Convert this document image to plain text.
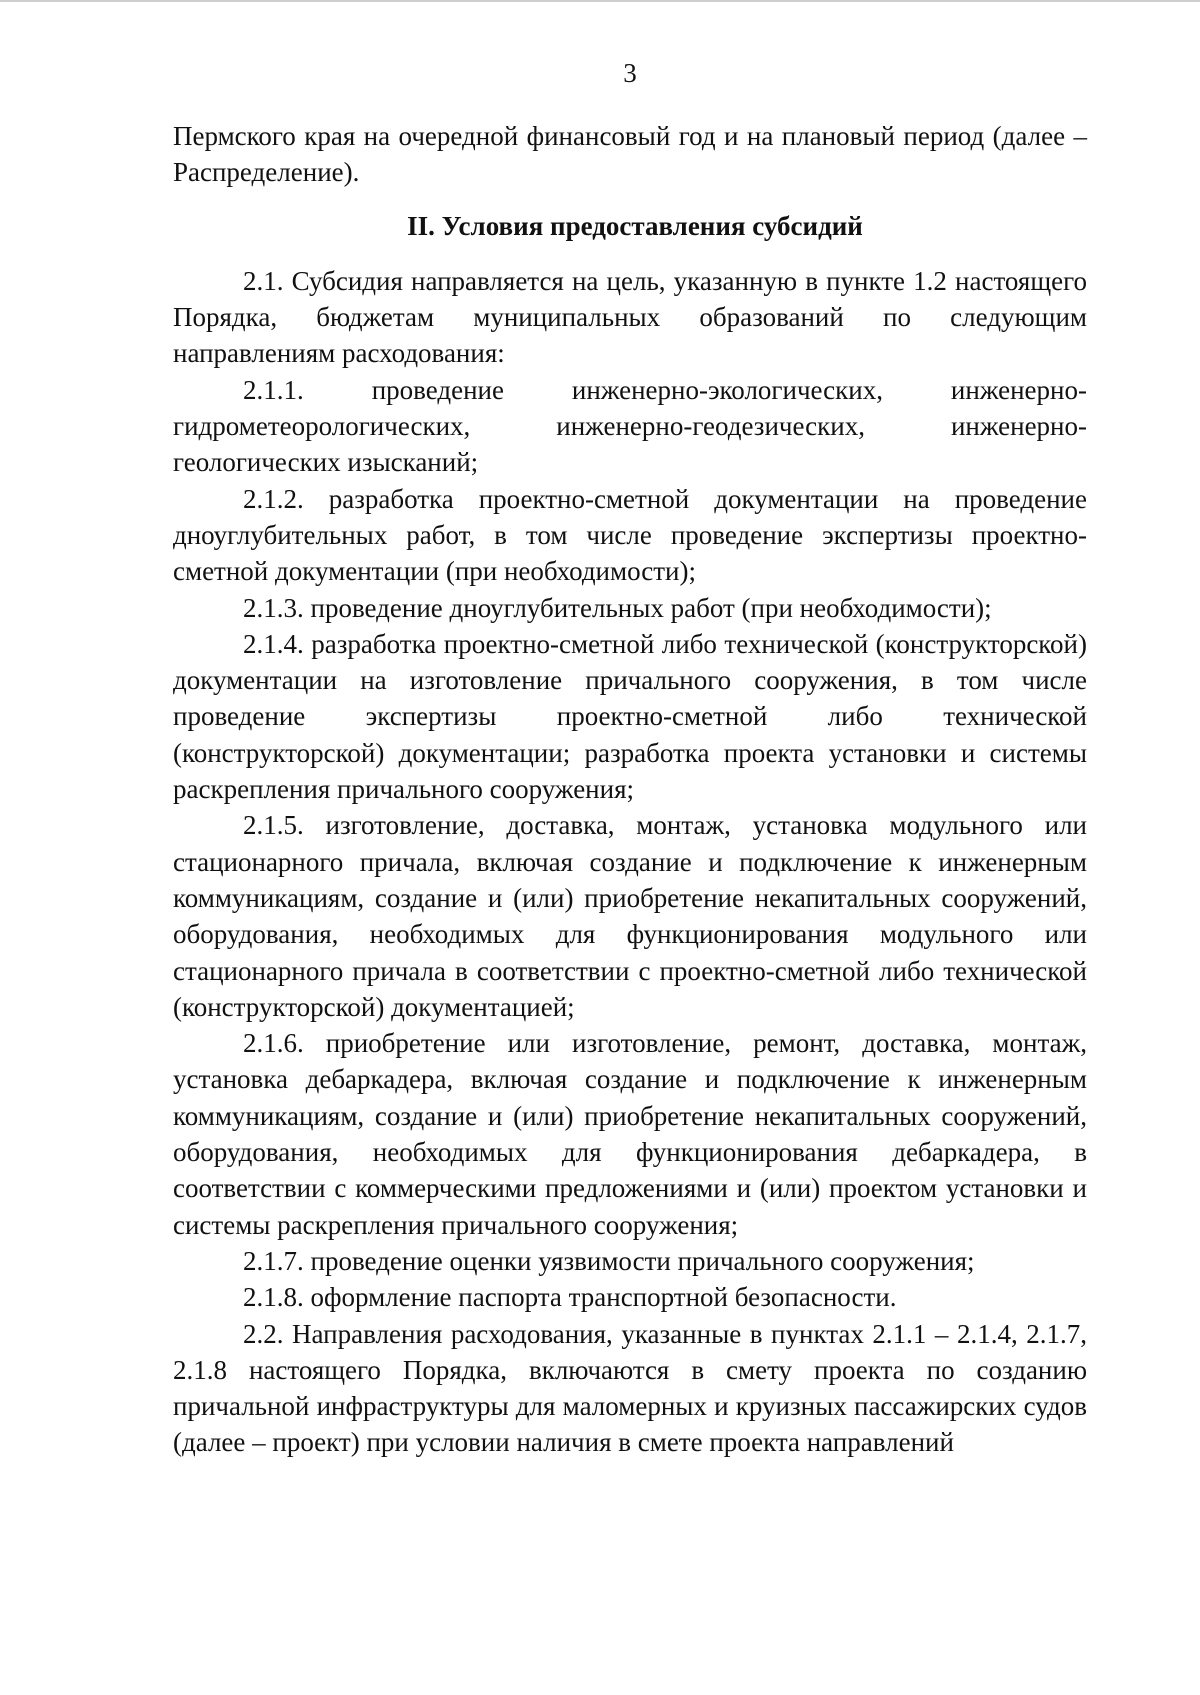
3

Пермского края на очередной финансовый год и на плановый период (далее – Распределение).

II. Условия предоставления субсидий

2.1. Субсидия направляется на цель, указанную в пункте 1.2 настоящего Порядка, бюджетам муниципальных образований по следующим направлениям расходования:

2.1.1. проведение инженерно-экологических, инженерно-гидрометеорологических, инженерно-геодезических, инженерно-геологических изысканий;

2.1.2. разработка проектно-сметной документации на проведение дноуглубительных работ, в том числе проведение экспертизы проектно-сметной документации (при необходимости);

2.1.3. проведение дноуглубительных работ (при необходимости);

2.1.4. разработка проектно-сметной либо технической (конструкторской) документации на изготовление причального сооружения, в том числе проведение экспертизы проектно-сметной либо технической (конструкторской) документации; разработка проекта установки и системы раскрепления причального сооружения;

2.1.5. изготовление, доставка, монтаж, установка модульного или стационарного причала, включая создание и подключение к инженерным коммуникациям, создание и (или) приобретение некапитальных сооружений, оборудования, необходимых для функционирования модульного или стационарного причала в соответствии с проектно-сметной либо технической (конструкторской) документацией;

2.1.6. приобретение или изготовление, ремонт, доставка, монтаж, установка дебаркадера, включая создание и подключение к инженерным коммуникациям, создание и (или) приобретение некапитальных сооружений, оборудования, необходимых для функционирования дебаркадера, в соответствии с коммерческими предложениями и (или) проектом установки и системы раскрепления причального сооружения;

2.1.7. проведение оценки уязвимости причального сооружения;

2.1.8. оформление паспорта транспортной безопасности.

2.2. Направления расходования, указанные в пунктах 2.1.1 – 2.1.4, 2.1.7, 2.1.8 настоящего Порядка, включаются в смету проекта по созданию причальной инфраструктуры для маломерных и круизных пассажирских судов (далее – проект) при условии наличия в смете проекта направлений
